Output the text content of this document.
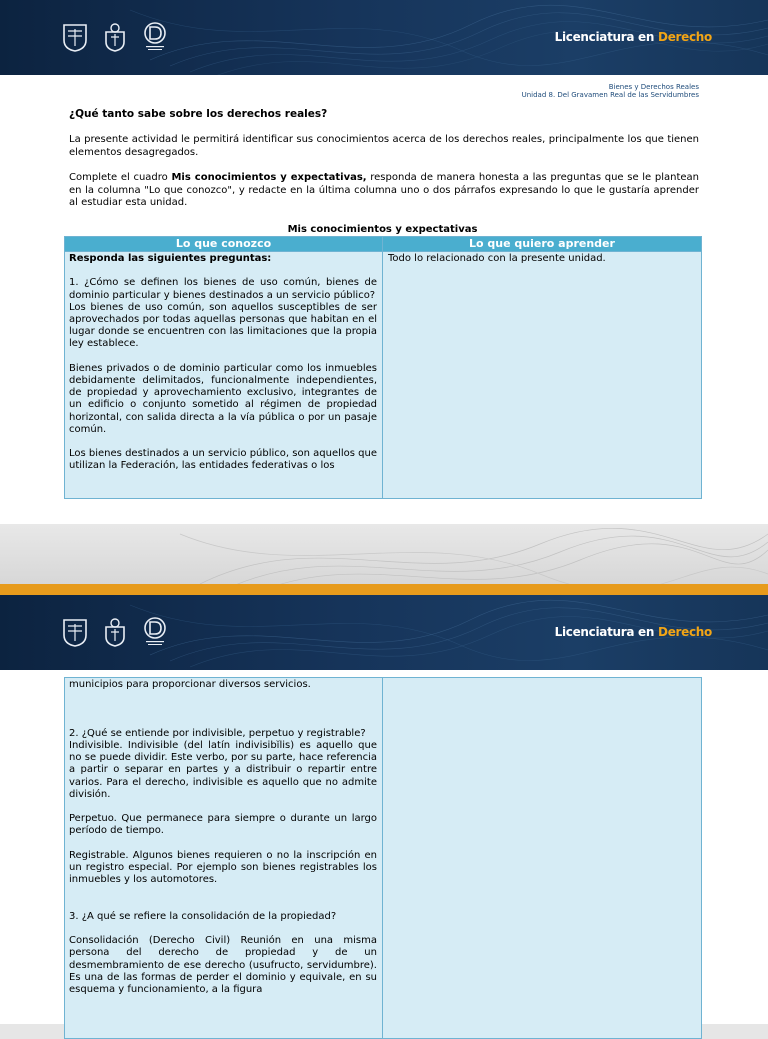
Licenciatura en Derecho
Bienes y Derechos Reales
Unidad 8. Del Gravamen Real de las Servidumbres
¿Qué tanto sabe sobre los derechos reales?
La presente actividad le permitirá identificar sus conocimientos acerca de los derechos reales, principalmente los que tienen elementos desagregados.
Complete el cuadro Mis conocimientos y expectativas, responda de manera honesta a las preguntas que se le plantean en la columna "Lo que conozco", y redacte en la última columna uno o dos párrafos expresando lo que le gustaría aprender al estudiar esta unidad.
Mis conocimientos y expectativas
Lo que conozco	Lo que quiero aprender

Responda las siguientes preguntas:

1. ¿Cómo se definen los bienes de uso común, bienes de dominio particular y bienes destinados a un servicio público?

Los bienes de uso común, son aquellos susceptibles de ser aprovechados por todas aquellas personas que habitan en el lugar donde se encuentren con las limitaciones que la propia ley establece.

Bienes privados o de dominio particular como los inmuebles debidamente delimitados, funcionalmente independientes, de propiedad y aprovechamiento exclusivo, integrantes de un edificio o conjunto sometido al régimen de propiedad horizontal, con salida directa a la vía pública o por un pasaje común.

Los bienes destinados a un servicio público, son aquellos que utilizan la Federación, las entidades federativas o los	Todo lo relacionado con la presente unidad.
Licenciatura en Derecho

municipios para proporcionar diversos servicios.

2. ¿Qué se entiende por indivisible, perpetuo y registrable?

Indivisible. Indivisible (del latín indivisibĭlis) es aquello que no se puede dividir. Este verbo, por su parte, hace referencia a partir o separar en partes y a distribuir o repartir entre varios. Para el derecho, indivisible es aquello que no admite división.

Perpetuo. Que permanece para siempre o durante un largo período de tiempo.

Registrable. Algunos bienes requieren o no la inscripción en un registro especial. Por ejemplo son bienes registrables los inmuebles y los automotores.

3. ¿A qué se refiere la consolidación de la propiedad?

Consolidación (Derecho Civil) Reunión en una misma persona del derecho de propiedad y de un desmembramiento de ese derecho (usufructo, servidumbre). Es una de las formas de perder el dominio y equivale, en su esquema y funcionamiento, a la figura
